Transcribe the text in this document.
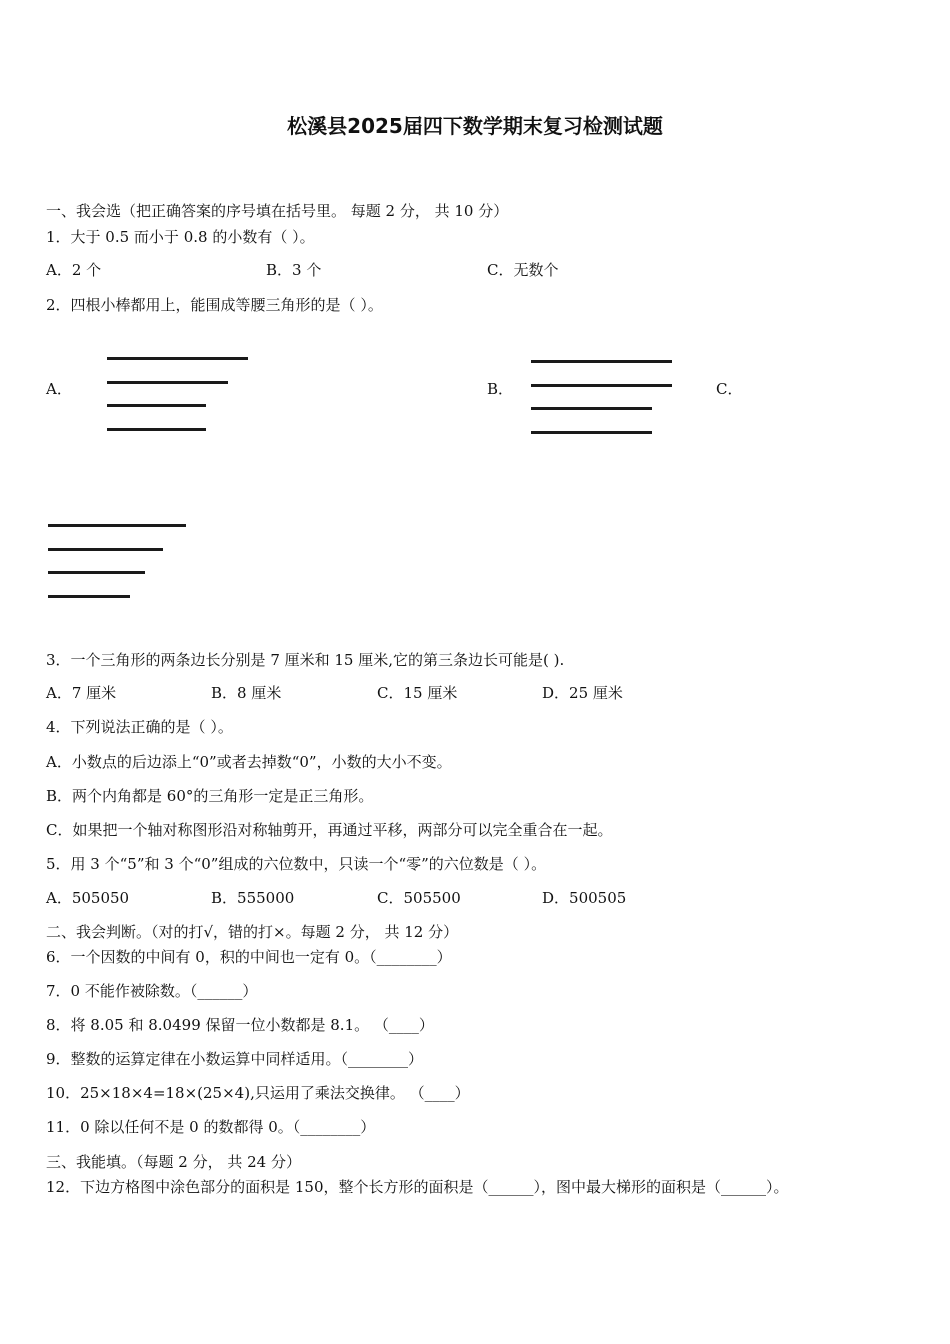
松溪县2025届四下数学期末复习检测试题
一、我会选（把正确答案的序号填在括号里。 每题 2 分， 共 10 分）
1．大于 0.5 而小于 0.8 的小数有（ ）。
A．2 个	B．3 个	C．无数个
2．四根小棒都用上，能围成等腰三角形的是（ ）。
A．	B．	C．
3．一个三角形的两条边长分别是 7 厘米和 15 厘米,它的第三条边长可能是( ).
A．7 厘米	B．8 厘米	C．15 厘米	D．25 厘米
4．下列说法正确的是（ ）。
A．小数点的后边添上“0”或者去掉数“0”，小数的大小不变。
B．两个内角都是 60°的三角形一定是正三角形。
C．如果把一个轴对称图形沿对称轴剪开，再通过平移，两部分可以完全重合在一起。
5．用 3 个“5”和 3 个“0”组成的六位数中，只读一个“零”的六位数是（ ）。
A．505050	B．555000	C．505500	D．500505
二、我会判断。（对的打√，错的打×。每题 2 分， 共 12 分）
6．一个因数的中间有 0，积的中间也一定有 0。（________）
7．0 不能作被除数。（______）
8．将 8.05 和 8.0499 保留一位小数都是 8.1。 （____）
9．整数的运算定律在小数运算中同样适用。（________）
10．25×18×4=18×(25×4),只运用了乘法交换律。 （____）
11．0 除以任何不是 0 的数都得 0。（________）
三、我能填。（每题 2 分， 共 24 分）
12．下边方格图中涂色部分的面积是 150，整个长方形的面积是（______），图中最大梯形的面积是（______）。
